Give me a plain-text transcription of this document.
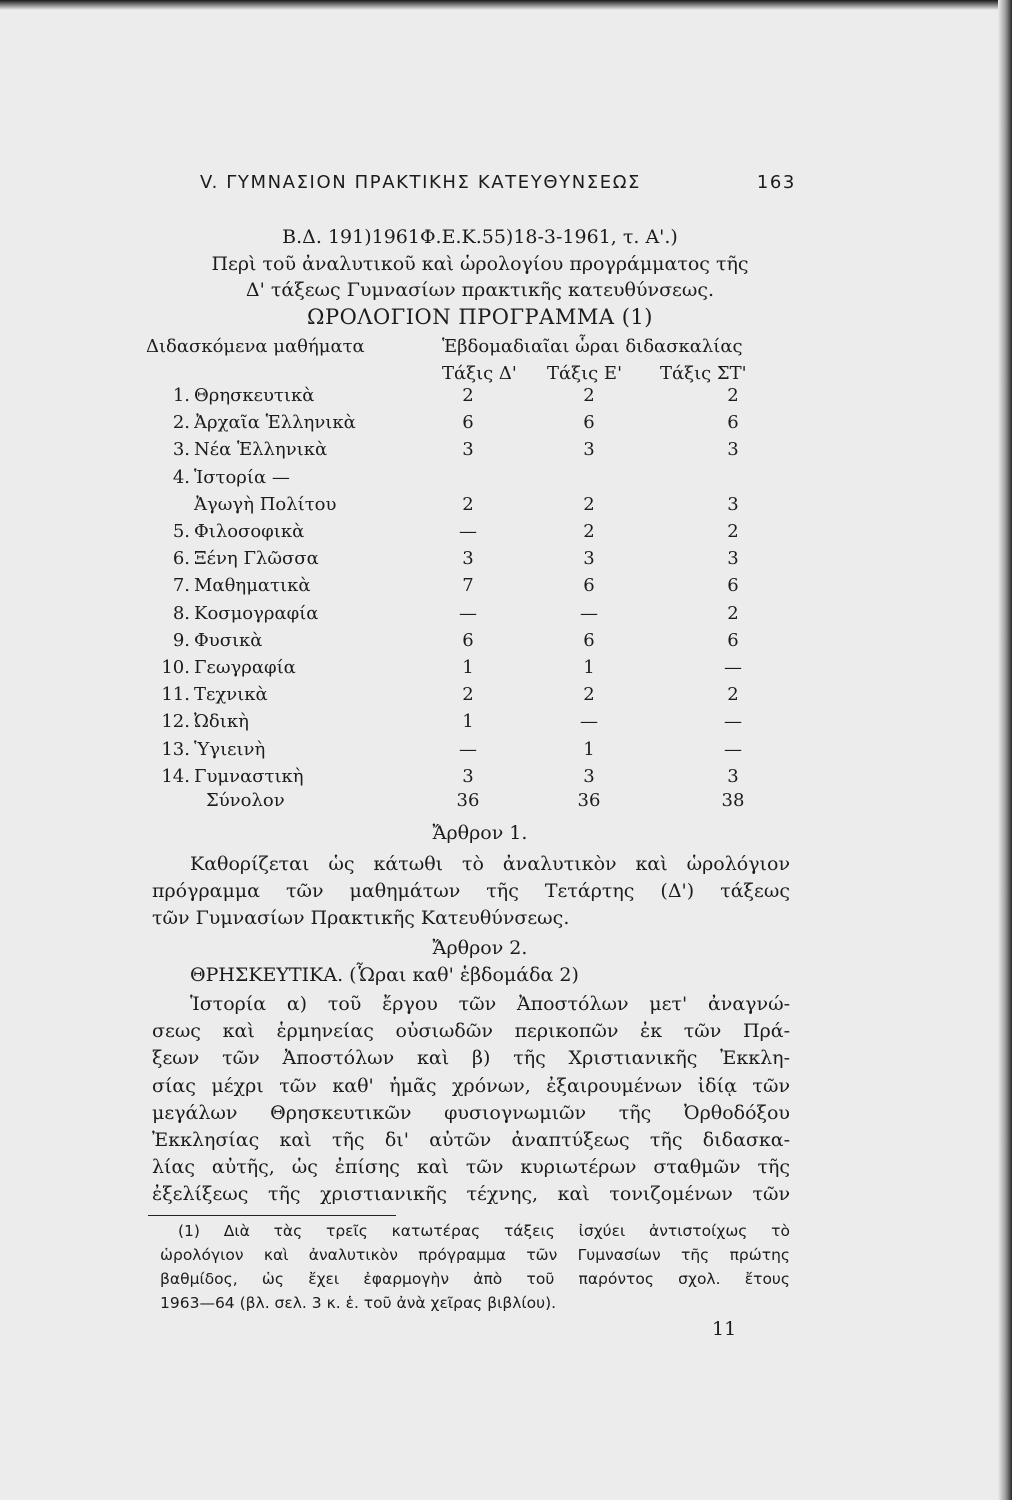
V. ΓΥΜΝΑΣΙΟΝ ΠΡΑΚΤΙΚΗΣ ΚΑΤΕΥΘΥΝΣΕΩΣ	163
Β.Δ. 191)1961Φ.Ε.Κ.55)18-3-1961, τ. Α'.)
Περὶ τοῦ ἀναλυτικοῦ καὶ ὡρολογίου προγράμματος τῆς
Δ' τάξεως Γυμνασίων πρακτικῆς κατευθύνσεως.
ΩΡΟΛΟΓΙΟΝ ΠΡΟΓΡΑΜΜΑ (1)
Διδασκόμενα μαθήματα	Ἑβδομαδιαῖαι ὧραι διδασκαλίας
Τάξις Δ' Τάξις Ε' Τάξις ΣΤ'
1. Θρησκευτικὰ	2	2	2
2. Ἀρχαῖα Ἑλληνικὰ	6	6	6
3. Νέα Ἑλληνικὰ	3	3	3
4. Ἱστορία —
Ἀγωγὴ Πολίτου	2	2	3
5. Φιλοσοφικὰ	—	2	2
6. Ξένη Γλῶσσα	3	3	3
7. Μαθηματικὰ	7	6	6
8. Κοσμογραφία	—	—	2
9. Φυσικὰ	6	6	6
10. Γεωγραφία	1	1	—
11. Τεχνικὰ	2	2	2
12. Ὠδικὴ	1	—	—
13. Ὑγιεινὴ	—	1	—
14. Γυμναστικὴ	3	3	3
Σύνολον	36	36	38
Ἄρθρον 1.
Καθορίζεται ὡς κάτωθι τὸ ἀναλυτικὸν καὶ ὡρολόγιον
πρόγραμμα τῶν μαθημάτων τῆς Τετάρτης (Δ') τάξεως
τῶν Γυμνασίων Πρακτικῆς Κατευθύνσεως.
Ἄρθρον 2.
ΘΡΗΣΚΕΥΤΙΚΑ. (Ὧραι καθ' ἑβδομάδα 2)
Ἱστορία α) τοῦ ἔργου τῶν Ἀποστόλων μετ' ἀναγνώ-
σεως καὶ ἑρμηνείας οὐσιωδῶν περικοπῶν ἐκ τῶν Πρά-
ξεων τῶν Ἀποστόλων καὶ β) τῆς Χριστιανικῆς Ἐκκλη-
σίας μέχρι τῶν καθ' ἡμᾶς χρόνων, ἐξαιρουμένων ἰδίᾳ τῶν
μεγάλων Θρησκευτικῶν φυσιογνωμιῶν τῆς Ὀρθοδόξου
Ἐκκλησίας καὶ τῆς δι' αὐτῶν ἀναπτύξεως τῆς διδασκα-
λίας αὐτῆς, ὡς ἐπίσης καὶ τῶν κυριωτέρων σταθμῶν τῆς
ἐξελίξεως τῆς χριστιανικῆς τέχνης, καὶ τονιζομένων τῶν
(1) Διὰ τὰς τρεῖς κατωτέρας τάξεις ἰσχύει ἀντιστοίχως τὸ
ὡρολόγιον καὶ ἀναλυτικὸν πρόγραμμα τῶν Γυμνασίων τῆς πρώτης
βαθμίδος, ὡς ἔχει ἐφαρμογὴν ἀπὸ τοῦ παρόντος σχολ. ἔτους
1963—64 (βλ. σελ. 3 κ. ἑ. τοῦ ἀνὰ χεῖρας βιβλίου).
11
